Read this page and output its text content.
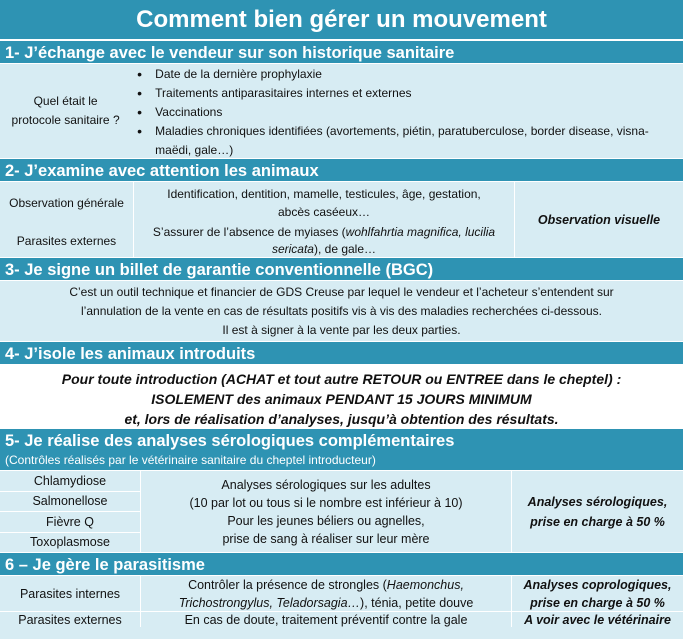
Comment bien gérer un mouvement
1- J’échange avec le vendeur sur son historique sanitaire
Quel était le protocole sanitaire ?
• Date de la dernière prophylaxie
• Traitements antiparasitaires internes et externes
• Vaccinations
• Maladies chroniques identifiées (avortements, piétin, paratuberculose, border disease, visna-maëdi, gale…)
2- J’examine avec attention les animaux
Observation générale
Parasites externes
Identification, dentition, mamelle, testicules, âge, gestation, abcès caséeux…
S’assurer de l’absence de myiases (wohlfahrtia magnifica, lucilia sericata), de gale…
Observation visuelle
3- Je signe un billet de garantie conventionnelle (BGC)
C’est un outil technique et financier de GDS Creuse par lequel le vendeur et l’acheteur s’entendent sur
l’annulation de la vente en cas de résultats positifs vis à vis des maladies recherchées ci-dessous.
Il est à signer à la vente par les deux parties.
4- J’isole les animaux introduits
Pour toute introduction (ACHAT et tout autre RETOUR ou ENTREE dans le cheptel) :
ISOLEMENT des animaux PENDANT 15 JOURS MINIMUM
et, lors de réalisation d’analyses, jusqu’à obtention des résultats.
5- Je réalise des analyses sérologiques complémentaires
(Contrôles réalisés par le vétérinaire sanitaire du cheptel introducteur)
Chlamydiose
Salmonellose
Fièvre Q
Toxoplasmose
Analyses sérologiques sur les adultes
(10 par lot ou tous si le nombre est inférieur à 10)
Pour les jeunes béliers ou agnelles,
prise de sang à réaliser sur leur mère
Analyses sérologiques, prise en charge à 50 %
6 – Je gère le parasitisme
Parasites internes
Contrôler la présence de strongles (Haemonchus, Trichostrongylus, Teladorsagia…), ténia, petite douve
Analyses coprologiques, prise en charge à 50 %
Parasites externes	En cas de doute, traitement préventif contre la gale	A voir avec le vétérinaire
